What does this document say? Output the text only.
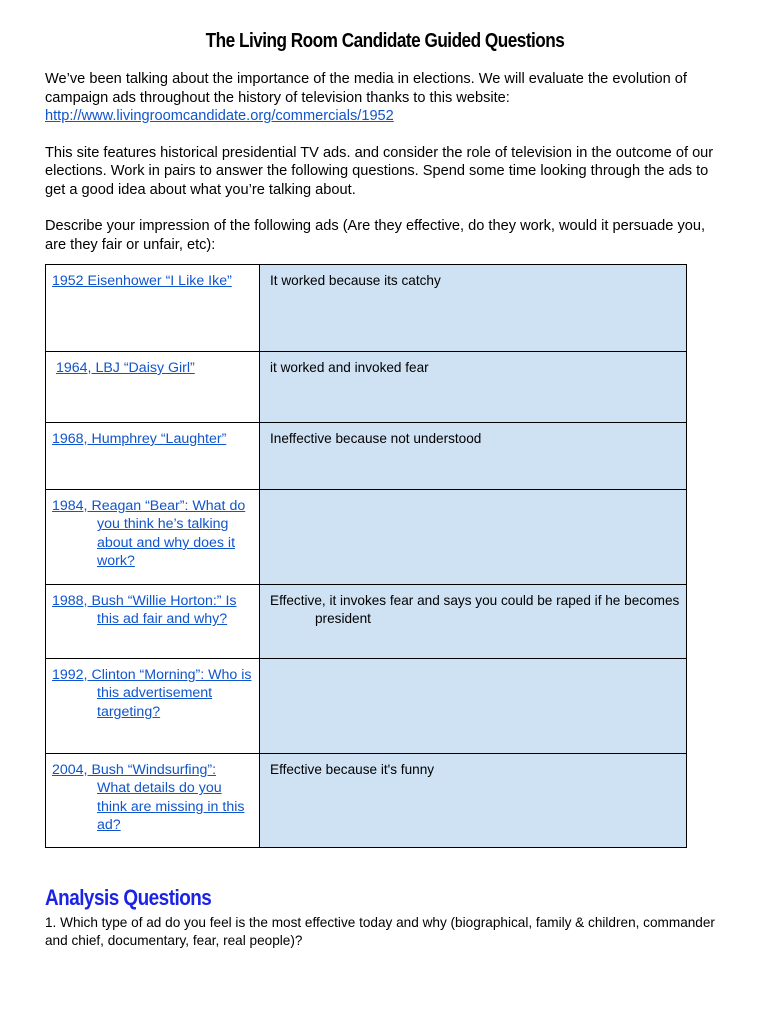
The Living Room Candidate Guided Questions

We’ve been talking about the importance of the media in elections. We will evaluate the evolution of campaign ads throughout the history of television thanks to this website:
http://www.livingroomcandidate.org/commercials/1952

This site features historical presidential TV ads. and consider the role of television in the outcome of our elections. Work in pairs to answer the following questions. Spend some time looking through the ads to get a good idea about what you’re talking about.

Describe your impression of the following ads (Are they effective, do they work, would it persuade you, are they fair or unfair, etc):

1952 Eisenhower “I Like Ike”	It worked because its catchy

1964, LBJ “Daisy Girl”	it worked and invoked fear

1968, Humphrey “Laughter”	Ineffective because not understood

1984, Reagan “Bear”: What do you think he’s talking about and why does it work?	

1988, Bush “Willie Horton:” Is this ad fair and why?	Effective, it invokes fear and says you could be raped if he becomes president

1992, Clinton “Morning”: Who is this advertisement targeting?	

2004, Bush “Windsurfing”: What details do you think are missing in this ad?	Effective because it's funny
Analysis Questions

1. Which type of ad do you feel is the most effective today and why (biographical, family & children, commander and chief, documentary, fear, real people)?
